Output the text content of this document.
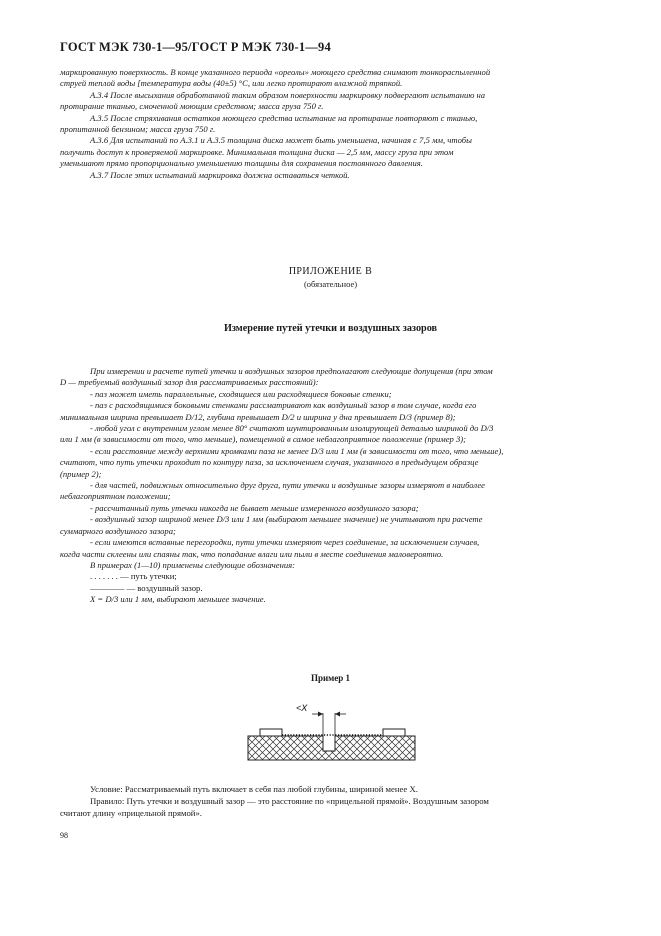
ГОСТ МЭК 730-1—95/ГОСТ Р МЭК 730-1—94

маркированную поверхность. В конце указанного периода «ореолы» моющего средства снимают тонкораспыленной

струей теплой воды [температура воды (40±5) °С, или легко протирают влажной тряпкой.

А.3.4 После высыхания обработанной таким образом поверхности маркировку подвергают испытанию на

протирание тканью, смоченной моющим средством; масса груза 750 г.

А.3.5 После стряхивания остатков моющего средства испытание на протирание повторяют с тканью,

пропитанной бензином; масса груза 750 г.

А.3.6 Для испытаний по А.3.1 и А.3.5 толщина диска может быть уменьшена, начиная с 7,5 мм, чтобы

получить доступ к проверяемой маркировке. Минимальная толщина диска — 2,5 мм, массу груза при этом

уменьшают прямо пропорционально уменьшению толщины для сохранения постоянного давления.

А.3.7 После этих испытаний маркировка должна оставаться четкой.

ПРИЛОЖЕНИЕ В
(обязательное)
Измерение путей утечки и воздушных зазоров

При измерении и расчете путей утечки и воздушных зазоров предполагают следующие допущения (при этом

D — требуемый воздушный зазор для рассматриваемых расстояний):

- паз может иметь параллельные, сходящиеся или расходящиеся боковые стенки;

- паз с расходящимися боковыми стенками рассматривают как воздушный зазор в том случае, когда его

минимальная ширина превышает D/12, глубина превышает D/2 и ширина у дна превышает D/3 (пример 8);

- любой угол с внутренним углом менее 80° считают шунтированным изолирующей деталью шириной до D/3

или 1 мм (в зависимости от того, что меньше), помещенной в самое неблагоприятное положение (пример 3);

- если расстояние между верхними кромками паза не менее D/3 или 1 мм (в зависимости от того, что меньше),

считают, что путь утечки проходит по контуру паза, за исключением случая, указанного в предыдущем образце

(пример 2);

- для частей, подвижных относительно друг друга, пути утечки и воздушные зазоры измеряют в наиболее

неблагоприятном положении;

- рассчитанный путь утечки никогда не бывает меньше измеренного воздушного зазора;

- воздушный зазор шириной менее D/3 или 1 мм (выбирают меньшее значение) не учитывают при расчете

суммарного воздушного зазора;

- если имеются вставные перегородки, пути утечки измеряют через соединение, за исключением случаев,

когда части склеены или спаяны так, что попадание влаги или пыли в месте соединения маловероятно.

В примерах (1—10) применены следующие обозначения:

. . . . . . . — путь утечки;

———— — воздушный зазор.

X = D/3 или 1 мм, выбирают меньшее значение.

Пример 1
<X

Условие: Рассматриваемый путь включает в себя паз любой глубины, шириной менее X.

Правило: Путь утечки и воздушный зазор — это расстояние по «прицельной прямой». Воздушным зазором

считают длину «прицельной прямой».

98
